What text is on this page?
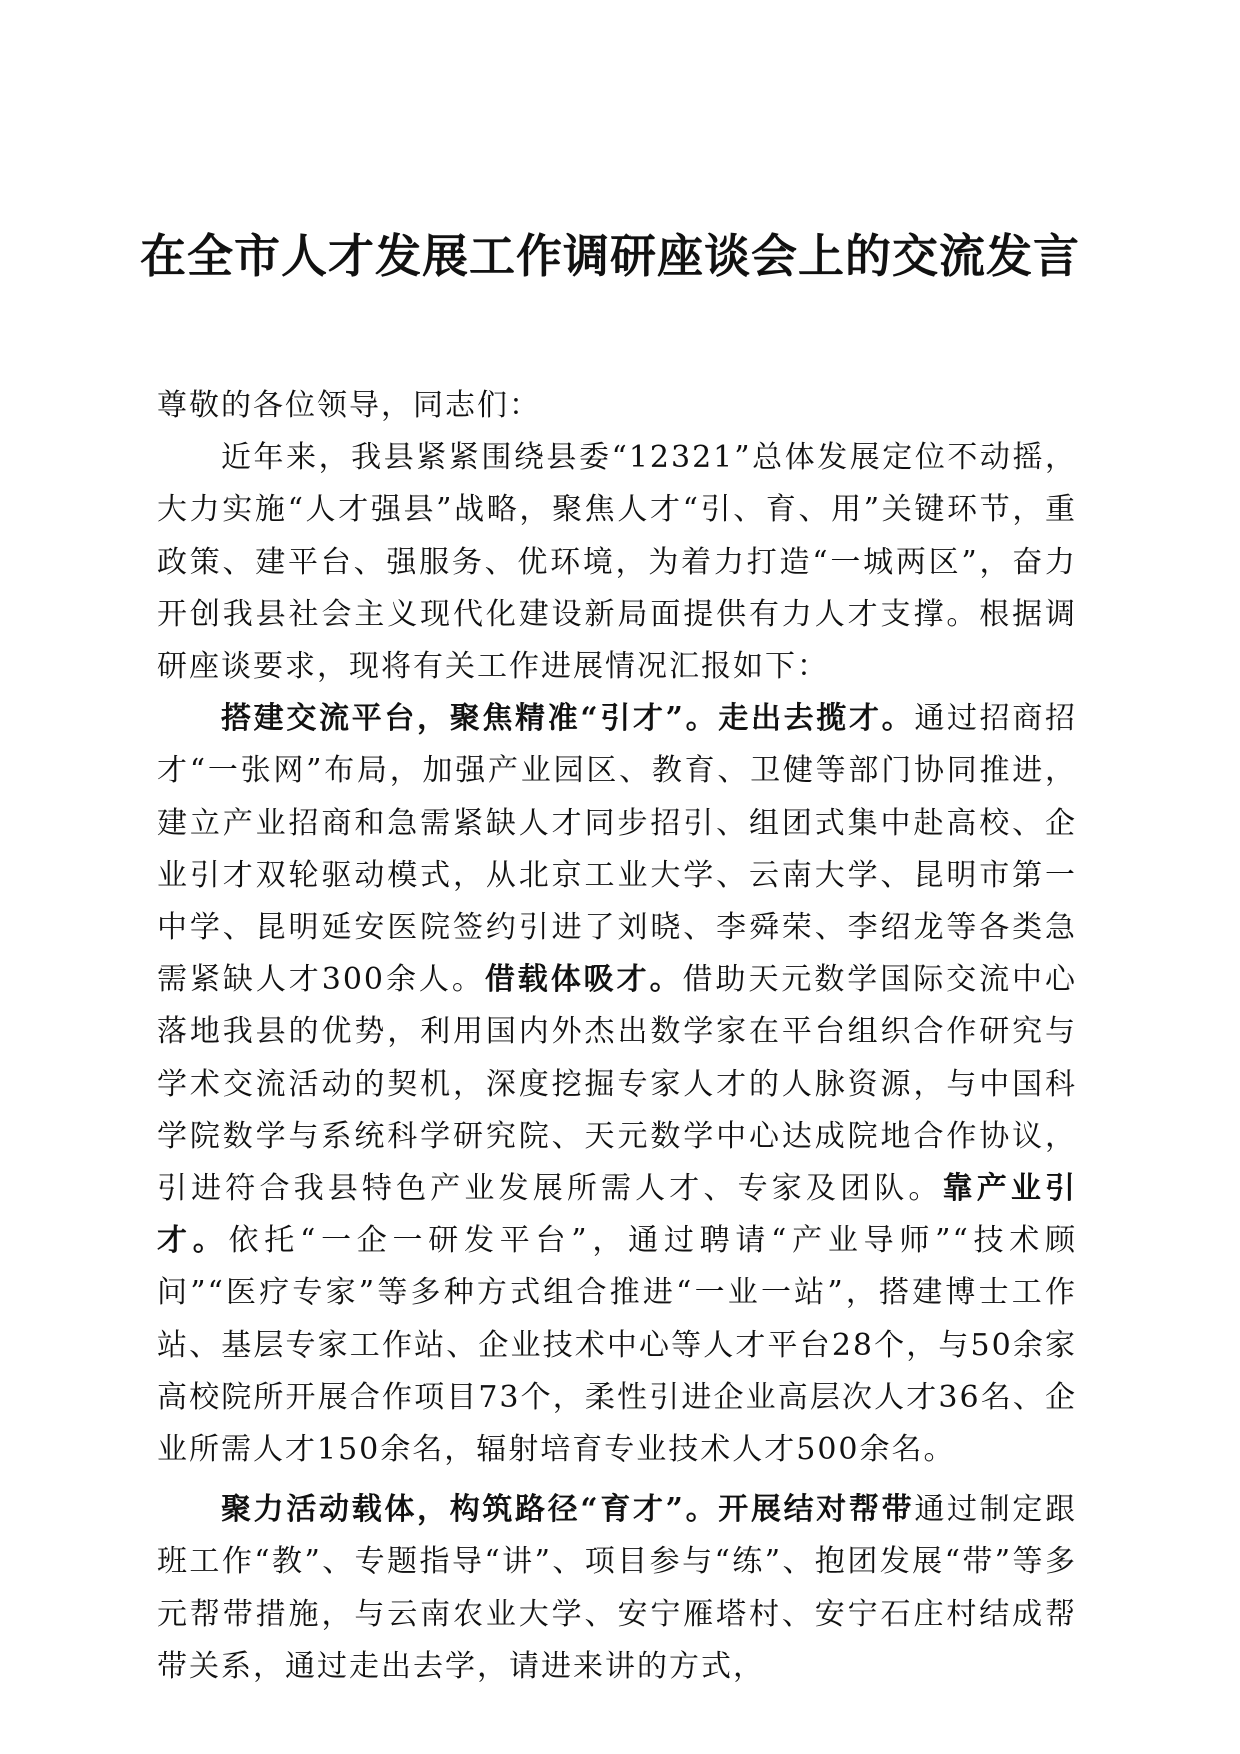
在全市人才发展工作调研座谈会上的交流发言

尊敬的各位领导，同志们：

近年来，我县紧紧围绕县委“12321”总体发展定位不动摇，大力实施“人才强县”战略，聚焦人才“引、育、用”关键环节，重政策、建平台、强服务、优环境，为着力打造“一城两区”，奋力开创我县社会主义现代化建设新局面提供有力人才支撑。根据调研座谈要求，现将有关工作进展情况汇报如下：

搭建交流平台，聚焦精准“引才”。走出去揽才。通过招商招才“一张网”布局，加强产业园区、教育、卫健等部门协同推进，建立产业招商和急需紧缺人才同步招引、组团式集中赴高校、企业引才双轮驱动模式，从北京工业大学、云南大学、昆明市第一中学、昆明延安医院签约引进了刘晓、李舜荣、李绍龙等各类急需紧缺人才300余人。借载体吸才。借助天元数学国际交流中心落地我县的优势，利用国内外杰出数学家在平台组织合作研究与学术交流活动的契机，深度挖掘专家人才的人脉资源，与中国科学院数学与系统科学研究院、天元数学中心达成院地合作协议，引进符合我县特色产业发展所需人才、专家及团队。靠产业引才。依托“一企一研发平台”，通过聘请“产业导师”“技术顾问”“医疗专家”等多种方式组合推进“一业一站”，搭建博士工作站、基层专家工作站、企业技术中心等人才平台28个，与50余家高校院所开展合作项目73个，柔性引进企业高层次人才36名、企业所需人才150余名，辐射培育专业技术人才500余名。

聚力活动载体，构筑路径“育才”。开展结对帮带通过制定跟班工作“教”、专题指导“讲”、项目参与“练”、抱团发展“带”等多元帮带措施，与云南农业大学、安宁雁塔村、安宁石庄村结成帮带关系，通过走出去学，请进来讲的方式，
